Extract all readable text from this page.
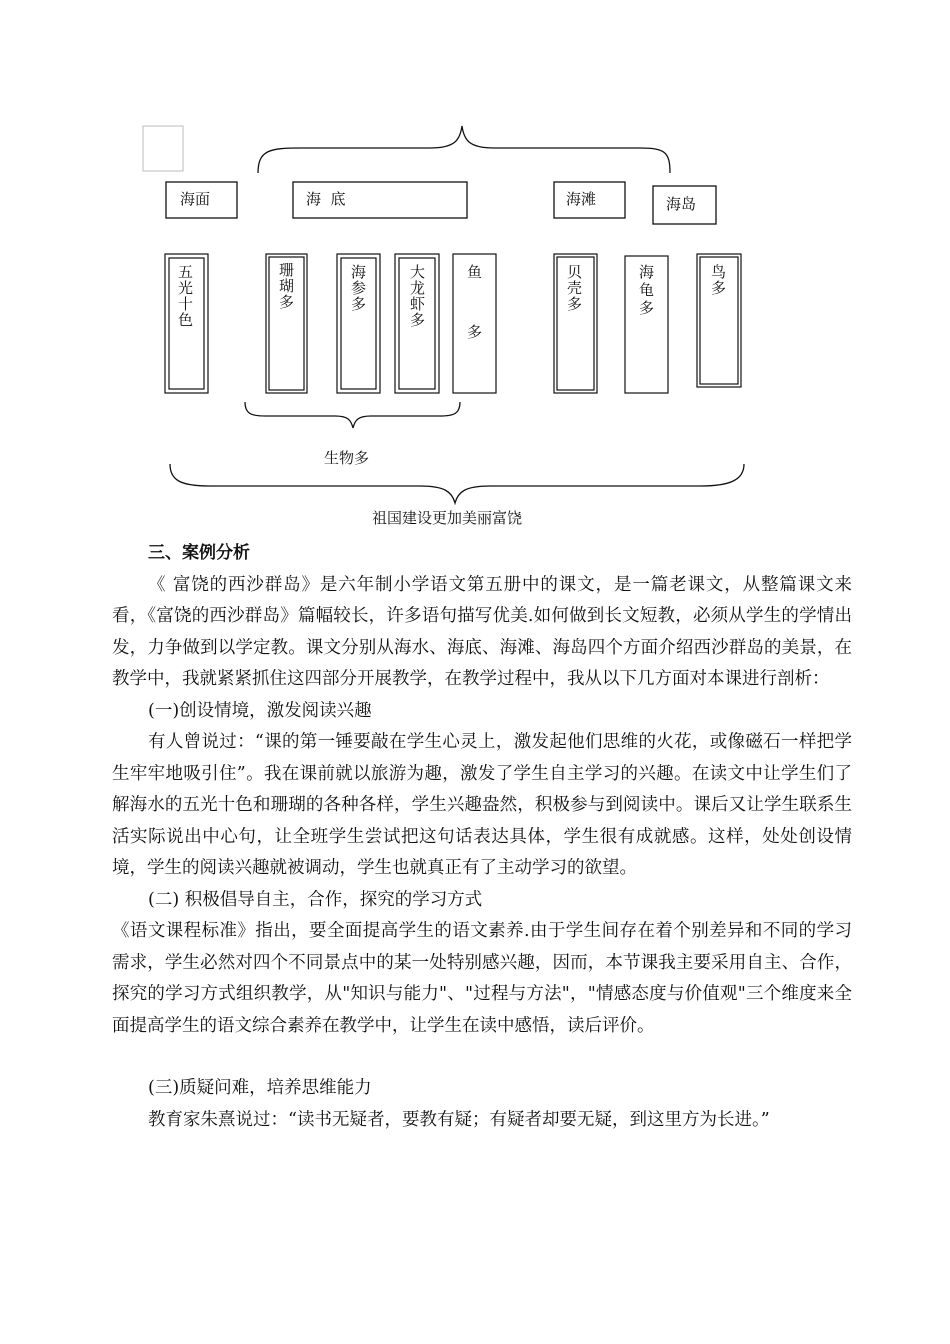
海面	海  底	海滩	海岛
五光十色	珊瑚多	海参多	大龙虾多	鱼
多
贝壳多	海龟多	鸟多
生物多
祖国建设更加美丽富饶

三、案例分析

《 富饶的西沙群岛》是六年制小学语文第五册中的课文，是一篇老课文，从整篇课文来看，《富饶的西沙群岛》篇幅较长，许多语句描写优美.如何做到长文短教，必须从学生的学情出发，力争做到以学定教。课文分别从海水、海底、海滩、海岛四个方面介绍西沙群岛的美景，在教学中，我就紧紧抓住这四部分开展教学，在教学过程中，我从以下几方面对本课进行剖析：

(一)创设情境，激发阅读兴趣

有人曾说过：“课的第一锤要敲在学生心灵上，激发起他们思维的火花，或像磁石一样把学生牢牢地吸引住”。我在课前就以旅游为趣，激发了学生自主学习的兴趣。在读文中让学生们了解海水的五光十色和珊瑚的各种各样，学生兴趣盎然，积极参与到阅读中。课后又让学生联系生活实际说出中心句，让全班学生尝试把这句话表达具体，学生很有成就感。这样，处处创设情境，学生的阅读兴趣就被调动，学生也就真正有了主动学习的欲望。

(二) 积极倡导自主，合作，探究的学习方式

《语文课程标准》指出，要全面提高学生的语文素养.由于学生间存在着个别差异和不同的学习需求，学生必然对四个不同景点中的某一处特别感兴趣，因而，本节课我主要采用自主、合作，探究的学习方式组织教学，从"知识与能力"、"过程与方法"，"情感态度与价值观"三个维度来全面提高学生的语文综合素养在教学中，让学生在读中感悟，读后评价。

(三)质疑问难，培养思维能力

教育家朱熹说过：“读书无疑者，要教有疑；有疑者却要无疑，到这里方为长进。”
